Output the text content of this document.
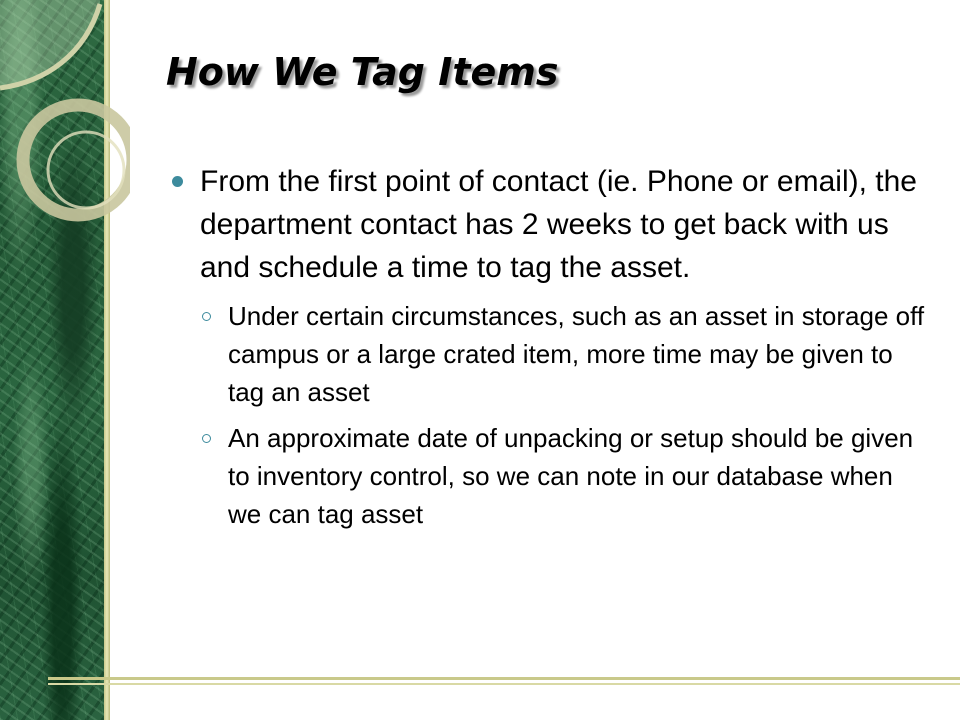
How We Tag Items
From the first point of contact (ie. Phone or email), the department contact has 2 weeks to get back with us and schedule a time to tag the asset.
Under certain circumstances, such as an asset in storage off campus or a large crated item, more time may be given to tag an asset
An approximate date of unpacking or setup should be given to inventory control, so we can note in our database when we can tag asset
